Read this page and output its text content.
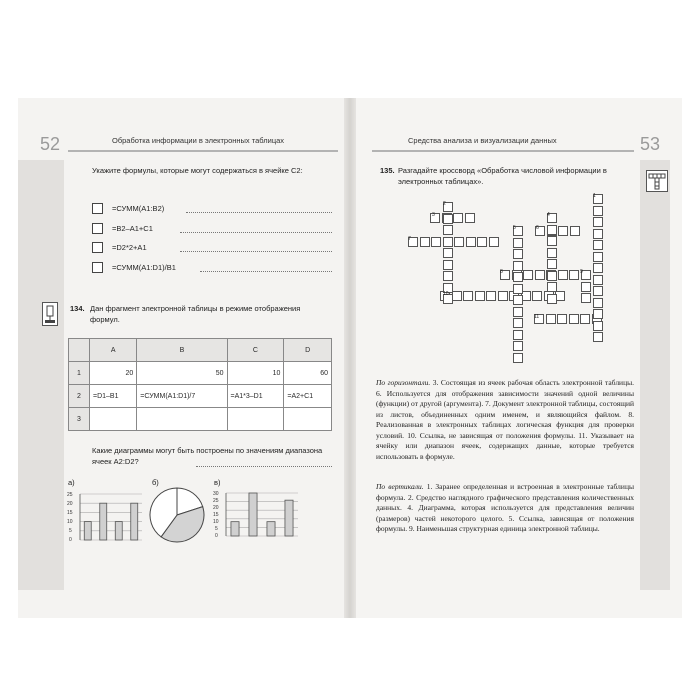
52	Обработка информации в электронных таблицах
Укажите формулы, которые могут содержаться в ячейке C2:
=СУММ(A1:B2)
=B2–A1+C1
=D2*2+A1
=СУММ(A1:D1)/B1
134. Дан фрагмент электронной таблицы в режиме отображения формул.
	A	B	C	D
1	20	50	10	60
2	=D1–B1	=СУММ(A1:D1)/7	=A1*3–D1	=A2+C1
3				
Какие диаграммы могут быть построены по значениям диапазона ячеек A2:D2?
а)	б)	в)
25
20
15
10
5
0
30
25
20
15
10
5
0
Средства анализа и визуализации данных	53
135. Разгадайте кроссворд «Обработка числовой информации в электронных таблицах».
1
2
3	4
5	6
7
8	9
10
11
По горизонтали. 3. Состоящая из ячеек рабочая область электронной таблицы. 6. Используется для отображения зависимости значений одной величины (функции) от другой (аргумента). 7. Документ электронной таблицы, состоящий из листов, объединенных одним именем, и являющийся файлом. 8. Реализованная в электронных таблицах логическая функция для проверки условий. 10. Ссылка, не зависящая от положения формулы. 11. Указывает на ячейку или диапазон ячеек, содержащих данные, которые требуется использовать в формуле.
По вертикали. 1. Заранее определенная и встроенная в электронные таблицы формула. 2. Средство наглядного графического представления количественных данных. 4. Диаграмма, которая используется для представления величин (размеров) частей некоторого целого. 5. Ссылка, зависящая от положения формулы. 9. Наименьшая структурная единица электронной таблицы.
